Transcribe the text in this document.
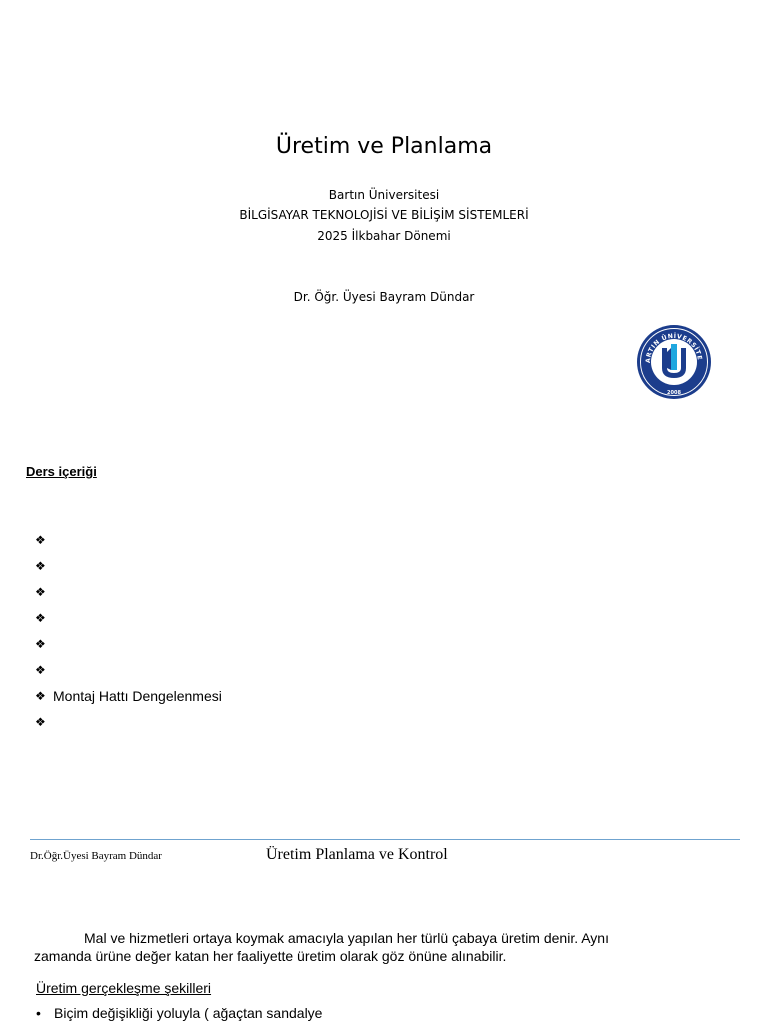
Üretim ve Planlama
Bartın Üniversitesi
BİLGİSAYAR TEKNOLOJİSİ VE BİLİŞİM SİSTEMLERİ
2025 İlkbahar Dönemi
Dr. Öğr. Üyesi Bayram Dündar
ARTIN ÜNİVERSİTE
2008
Ders içeriği
❖
❖
❖
❖
❖
❖
❖ Montaj Hattı Dengelenmesi
❖
Dr.Öğr.Üyesi Bayram Dündar	Üretim Planlama ve Kontrol
Mal ve hizmetleri ortaya koymak amacıyla yapılan her türlü çabaya üretim denir. Aynı zamanda ürüne değer katan her faaliyette üretim olarak göz önüne alınabilir.
Üretim gerçekleşme şekilleri
• Biçim değişikliği yoluyla ( ağaçtan sandalye
